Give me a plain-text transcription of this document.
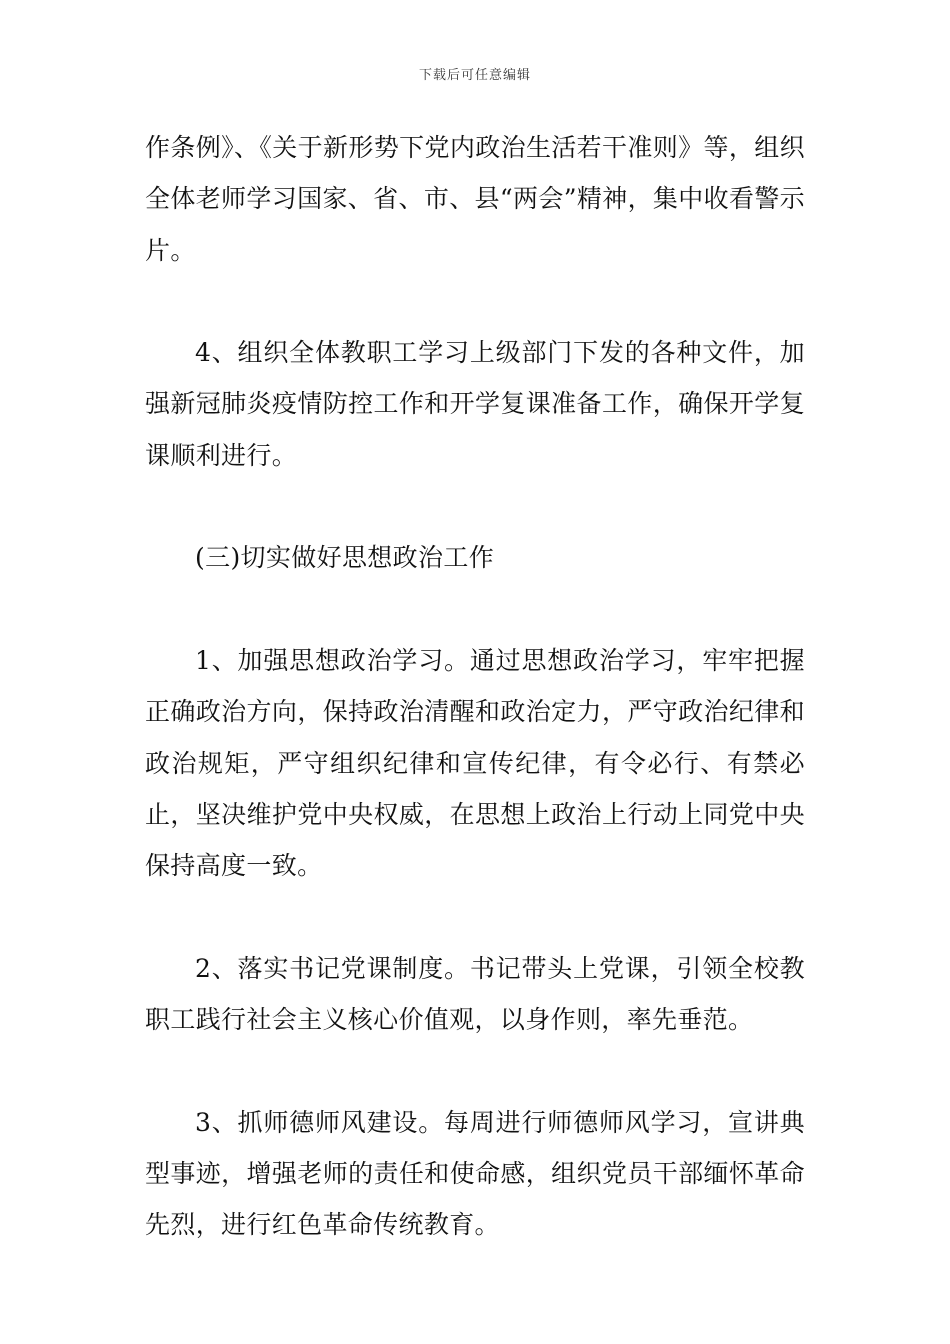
下载后可任意编辑

作条例》、《关于新形势下党内政治生活若干准则》等，组织全体老师学习国家、省、市、县“两会”精神，集中收看警示片。

4、组织全体教职工学习上级部门下发的各种文件，加强新冠肺炎疫情防控工作和开学复课准备工作，确保开学复课顺利进行。

(三)切实做好思想政治工作

1、加强思想政治学习。通过思想政治学习，牢牢把握正确政治方向，保持政治清醒和政治定力，严守政治纪律和政治规矩，严守组织纪律和宣传纪律，有令必行、有禁必止，坚决维护党中央权威，在思想上政治上行动上同党中央保持高度一致。

2、落实书记党课制度。书记带头上党课，引领全校教职工践行社会主义核心价值观，以身作则，率先垂范。

3、抓师德师风建设。每周进行师德师风学习，宣讲典型事迹，增强老师的责任和使命感，组织党员干部缅怀革命先烈，进行红色革命传统教育。
